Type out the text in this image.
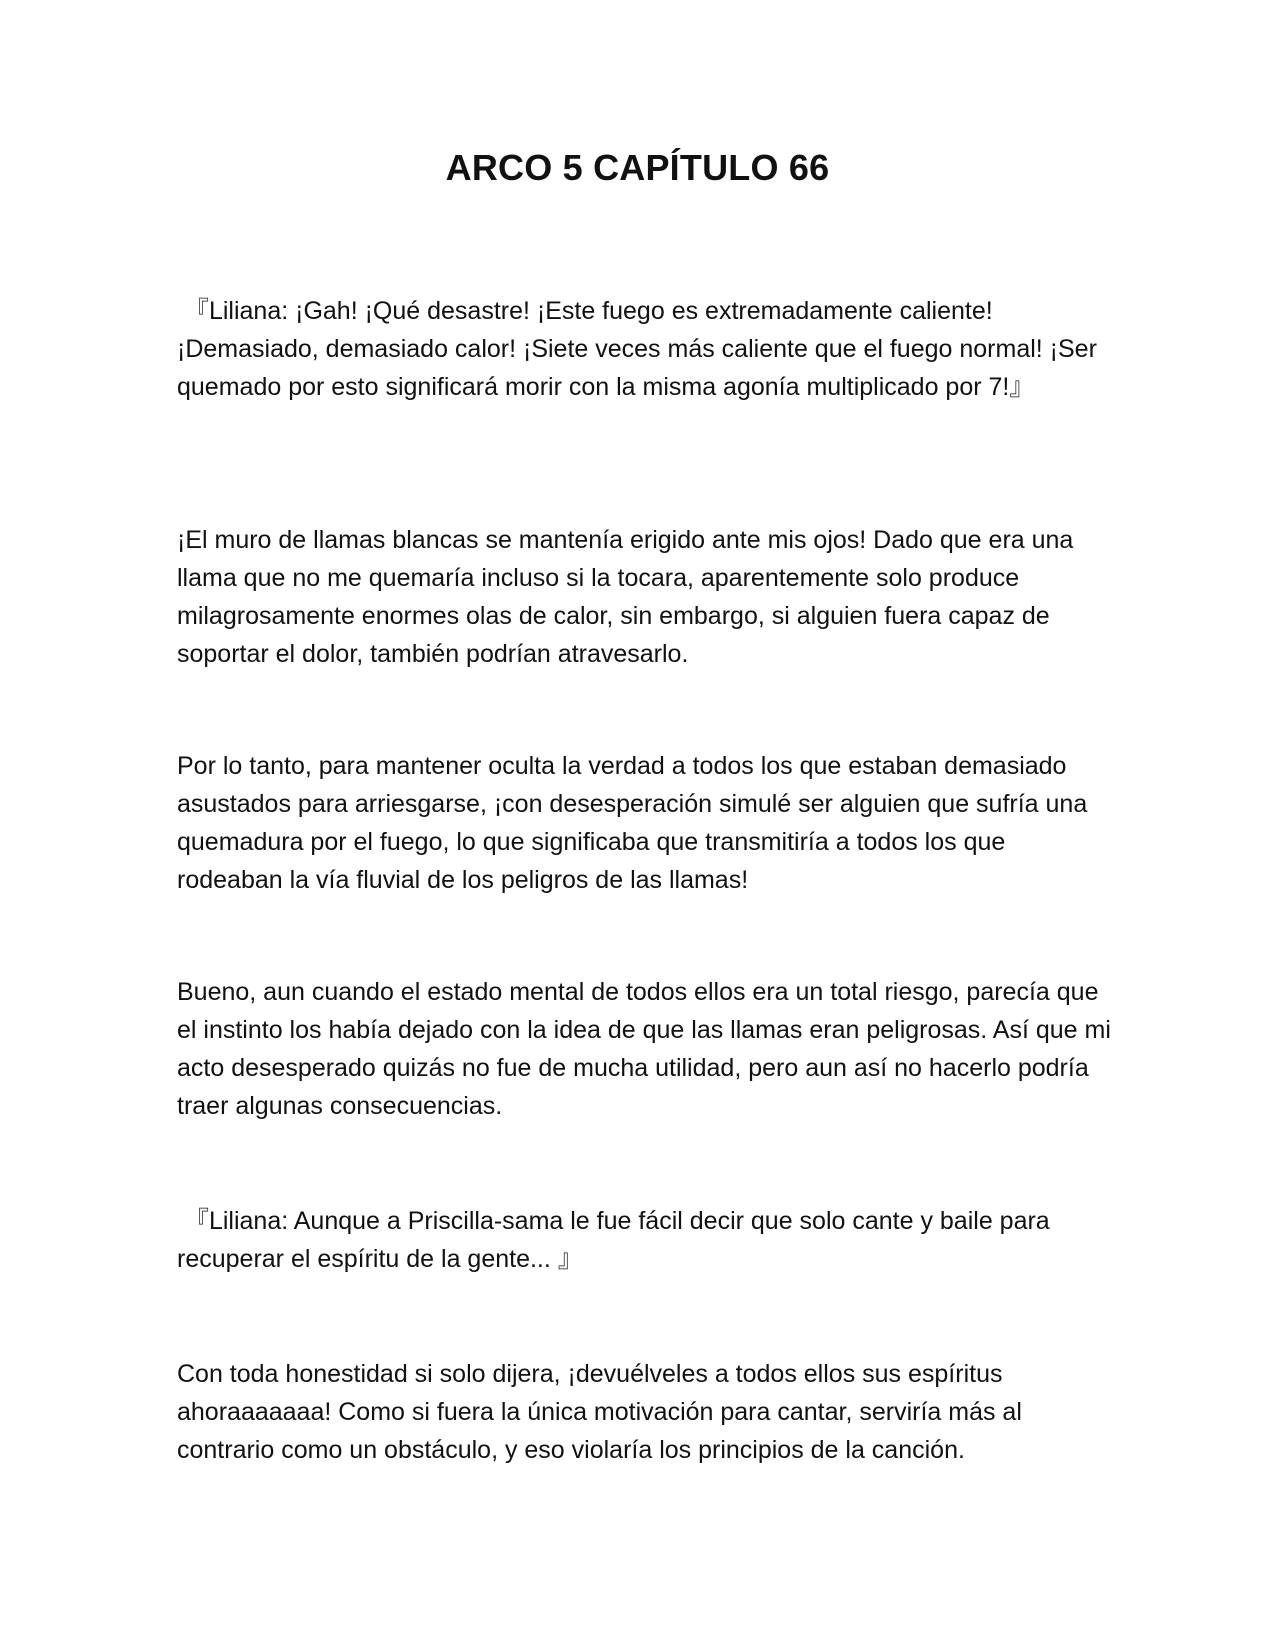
ARCO 5 CAPÍTULO 66

『Liliana: ¡Gah! ¡Qué desastre! ¡Este fuego es extremadamente caliente! ¡Demasiado, demasiado calor! ¡Siete veces más caliente que el fuego normal! ¡Ser quemado por esto significará morir con la misma agonía multiplicado por 7!』

¡El muro de llamas blancas se mantenía erigido ante mis ojos! Dado que era una llama que no me quemaría incluso si la tocara, aparentemente solo produce milagrosamente enormes olas de calor, sin embargo, si alguien fuera capaz de soportar el dolor, también podrían atravesarlo.

Por lo tanto, para mantener oculta la verdad a todos los que estaban demasiado asustados para arriesgarse, ¡con desesperación simulé ser alguien que sufría una quemadura por el fuego, lo que significaba que transmitiría a todos los que rodeaban la vía fluvial de los peligros de las llamas!

Bueno, aun cuando el estado mental de todos ellos era un total riesgo, parecía que el instinto los había dejado con la idea de que las llamas eran peligrosas. Así que mi acto desesperado quizás no fue de mucha utilidad, pero aun así no hacerlo podría traer algunas consecuencias.

『Liliana: Aunque a Priscilla-sama le fue fácil decir que solo cante y baile para recuperar el espíritu de la gente... 』

Con toda honestidad si solo dijera, ¡devuélveles a todos ellos sus espíritus ahoraaaaaaa! Como si fuera la única motivación para cantar, serviría más al contrario como un obstáculo, y eso violaría los principios de la canción.
